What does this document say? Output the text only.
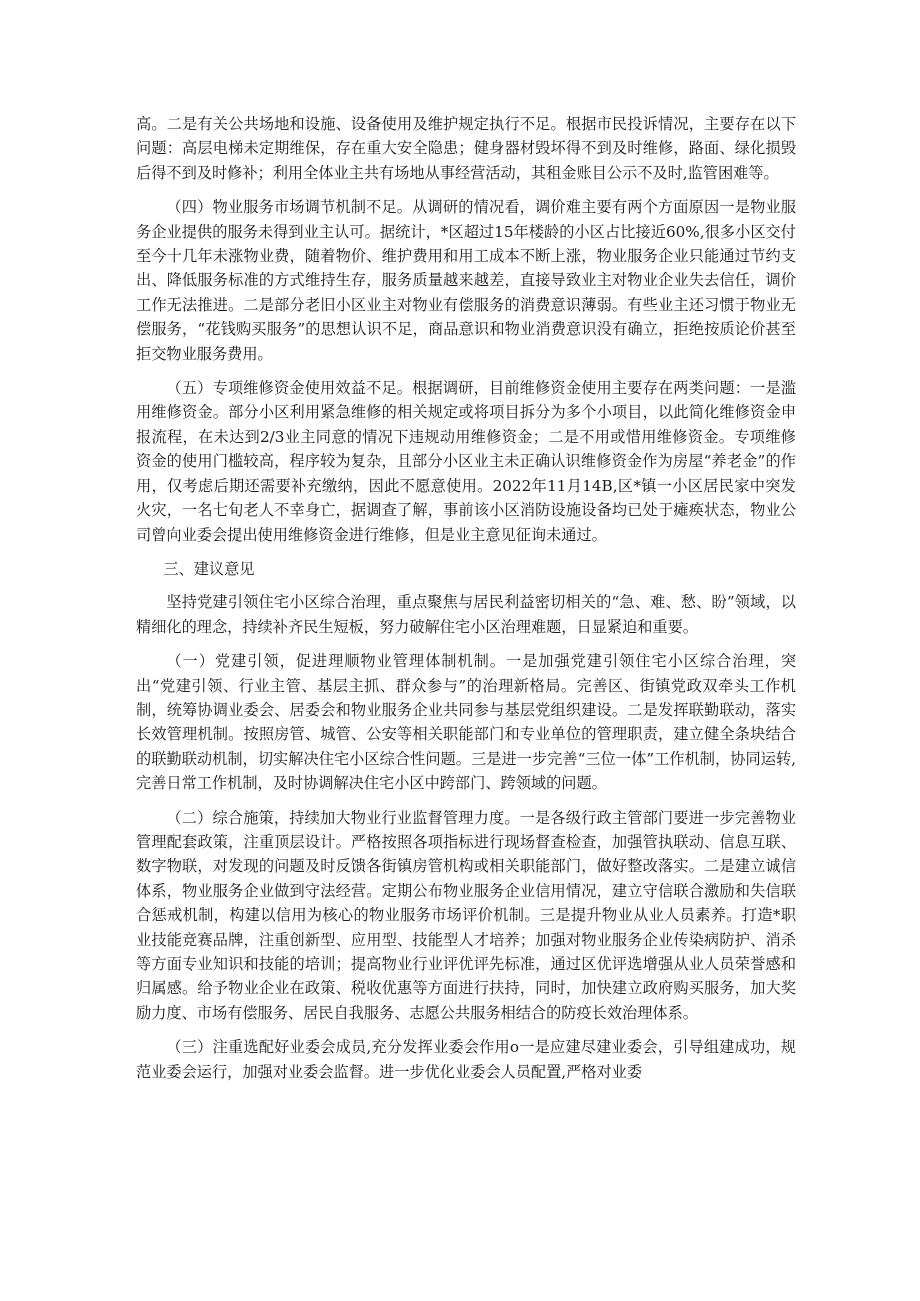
高。二是有关公共场地和设施、设备使用及维护规定执行不足。根据市民投诉情况，主要存在以下问题：高层电梯未定期维保，存在重大安全隐患；健身器材毁坏得不到及时维修，路面、绿化损毁后得不到及时修补；利用全体业主共有场地从事经营活动，其租金账目公示不及时,监管困难等。

（四）物业服务市场调节机制不足。从调研的情况看，调价难主要有两个方面原因一是物业服务企业提供的服务未得到业主认可。据统计，*区超过15年楼龄的小区占比接近60%,很多小区交付至今十几年未涨物业费，随着物价、维护费用和用工成本不断上涨，物业服务企业只能通过节约支出、降低服务标准的方式维持生存，服务质量越来越差，直接导致业主对物业企业失去信任，调价工作无法推进。二是部分老旧小区业主对物业有偿服务的消费意识薄弱。有些业主还习惯于物业无偿服务，“花钱购买服务”的思想认识不足，商品意识和物业消费意识没有确立，拒绝按质论价甚至拒交物业服务费用。

（五）专项维修资金使用效益不足。根据调研，目前维修资金使用主要存在两类问题：一是滥用维修资金。部分小区利用紧急维修的相关规定或将项目拆分为多个小项目，以此简化维修资金申报流程，在未达到2/3业主同意的情况下违规动用维修资金；二是不用或惜用维修资金。专项维修资金的使用门槛较高，程序较为复杂，且部分小区业主未正确认识维修资金作为房屋“养老金”的作用，仅考虑后期还需要补充缴纳，因此不愿意使用。2022年11月14B,区*镇一小区居民家中突发火灾，一名七旬老人不幸身亡，据调查了解，事前该小区消防设施设备均已处于瘫痪状态，物业公司曾向业委会提出使用维修资金进行维修，但是业主意见征询未通过。

三、建议意见

坚持党建引领住宅小区综合治理，重点聚焦与居民利益密切相关的“急、难、愁、盼”领域，以精细化的理念，持续补齐民生短板，努力破解住宅小区治理难题，日显紧迫和重要。

（一）党建引领，促进理顺物业管理体制机制。一是加强党建引领住宅小区综合治理，突出“党建引领、行业主管、基层主抓、群众参与”的治理新格局。完善区、街镇党政双牵头工作机制，统筹协调业委会、居委会和物业服务企业共同参与基层党组织建设。二是发挥联勤联动，落实长效管理机制。按照房管、城管、公安等相关职能部门和专业单位的管理职责，建立健全条块结合的联勤联动机制，切实解决住宅小区综合性问题。三是进一步完善“三位一体”工作机制，协同运转,完善日常工作机制，及时协调解决住宅小区中跨部门、跨领域的问题。

（二）综合施策，持续加大物业行业监督管理力度。一是各级行政主管部门要进一步完善物业管理配套政策，注重顶层设计。严格按照各项指标进行现场督查检查，加强管执联动、信息互联、数字物联，对发现的问题及时反馈各街镇房管机构或相关职能部门，做好整改落实。二是建立诚信体系，物业服务企业做到守法经营。定期公布物业服务企业信用情况，建立守信联合激励和失信联合惩戒机制，构建以信用为核心的物业服务市场评价机制。三是提升物业从业人员素养。打造*职业技能竞赛品牌，注重创新型、应用型、技能型人才培养；加强对物业服务企业传染病防护、消杀等方面专业知识和技能的培训；提高物业行业评优评先标准，通过区优评选增强从业人员荣誉感和归属感。给予物业企业在政策、税收优惠等方面进行扶持，同时，加快建立政府购买服务，加大奖励力度、市场有偿服务、居民自我服务、志愿公共服务相结合的防疫长效治理体系。

（三）注重选配好业委会成员,充分发挥业委会作用o一是应建尽建业委会，引导组建成功，规范业委会运行，加强对业委会监督。进一步优化业委会人员配置,严格对业委
